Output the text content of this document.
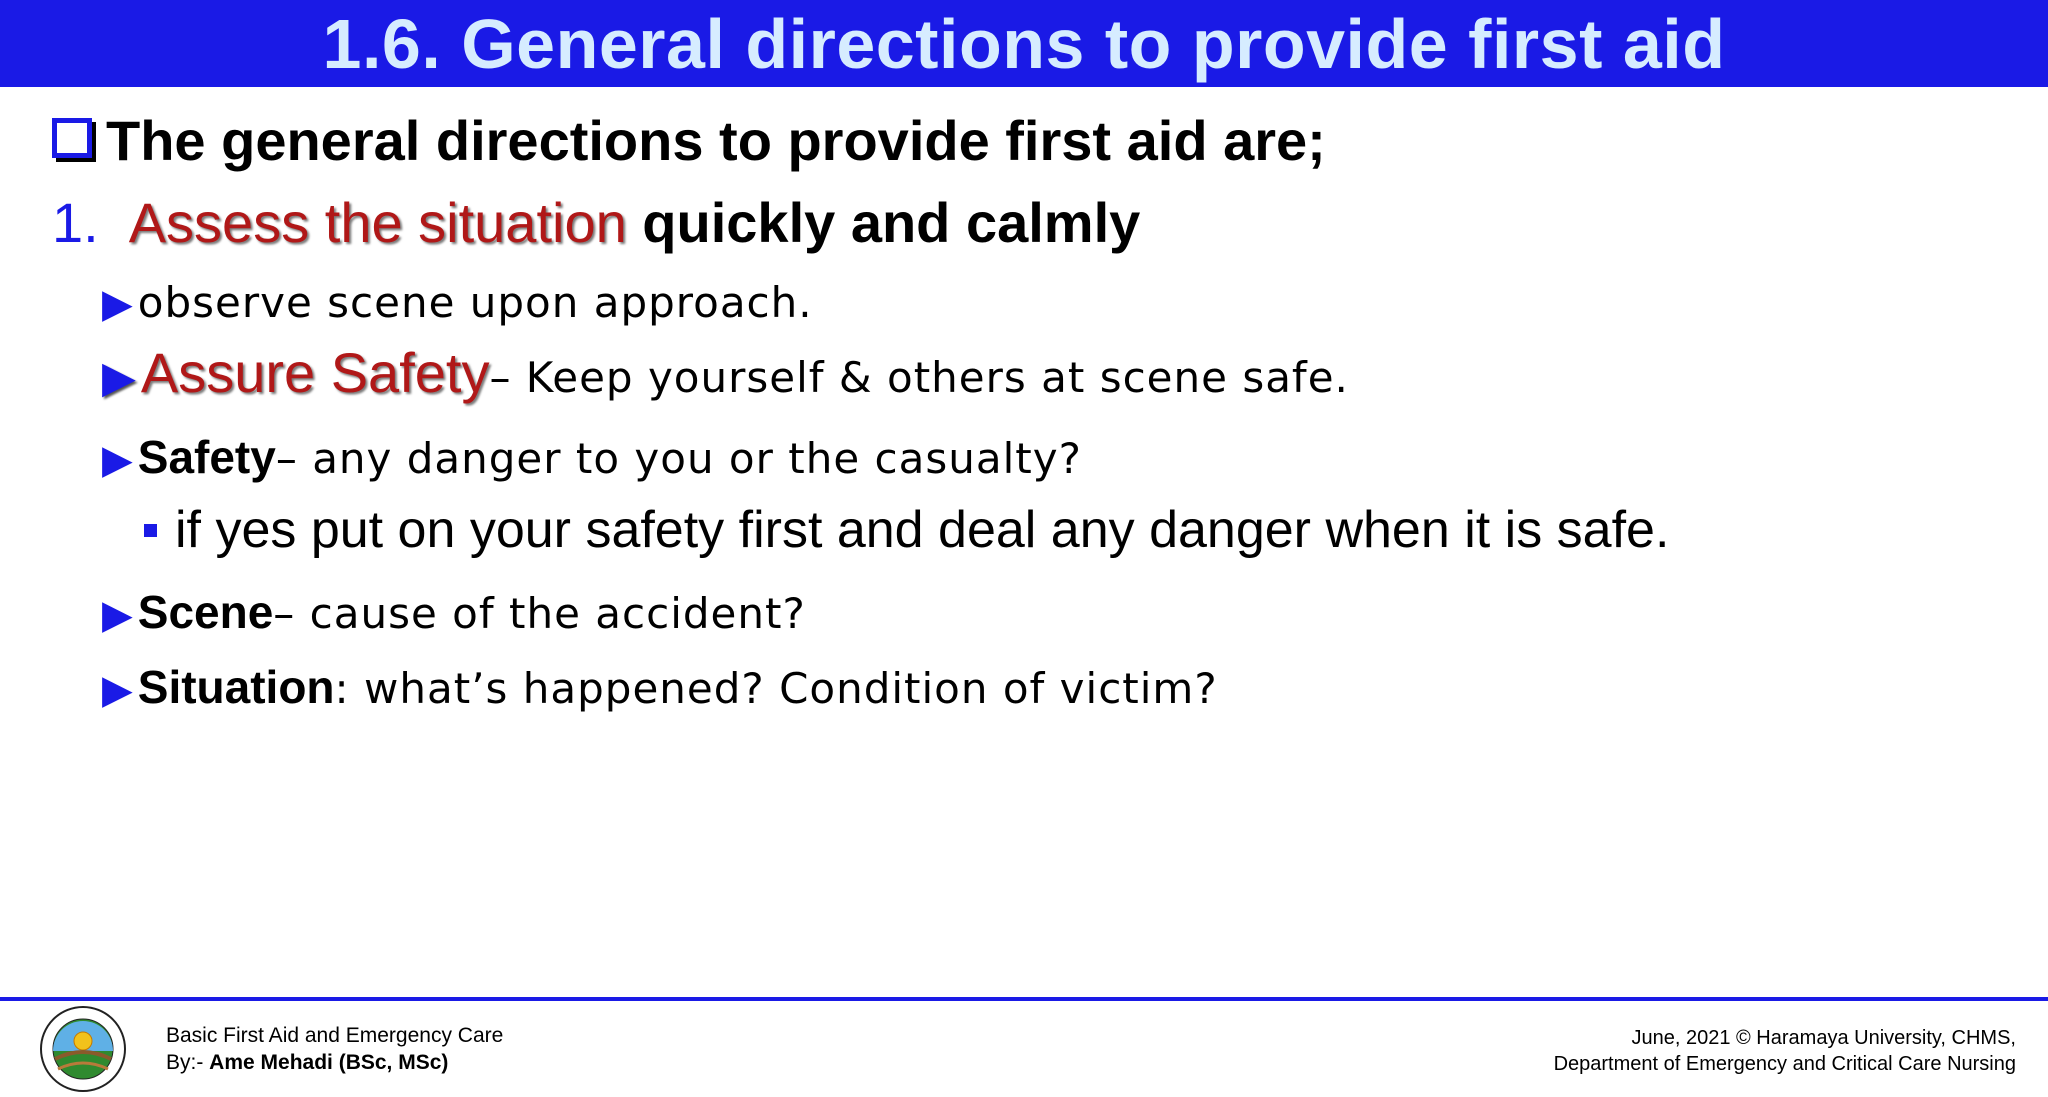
1.6. General directions to provide first aid
The general directions to provide first aid are;
1. Assess the situation quickly and calmly
▶ observe scene upon approach.
▶ Assure Safety – Keep yourself & others at scene safe.
▶ Safety – any danger to you or the casualty?
if yes put on your safety first and deal any danger when it is safe.
▶ Scene – cause of the accident?
▶ Situation : what’s happened? Condition of victim?
Basic First Aid and Emergency Care
By:- Ame Mehadi (BSc, MSc)
June, 2021 © Haramaya University, CHMS,
Department of Emergency and Critical Care Nursing
